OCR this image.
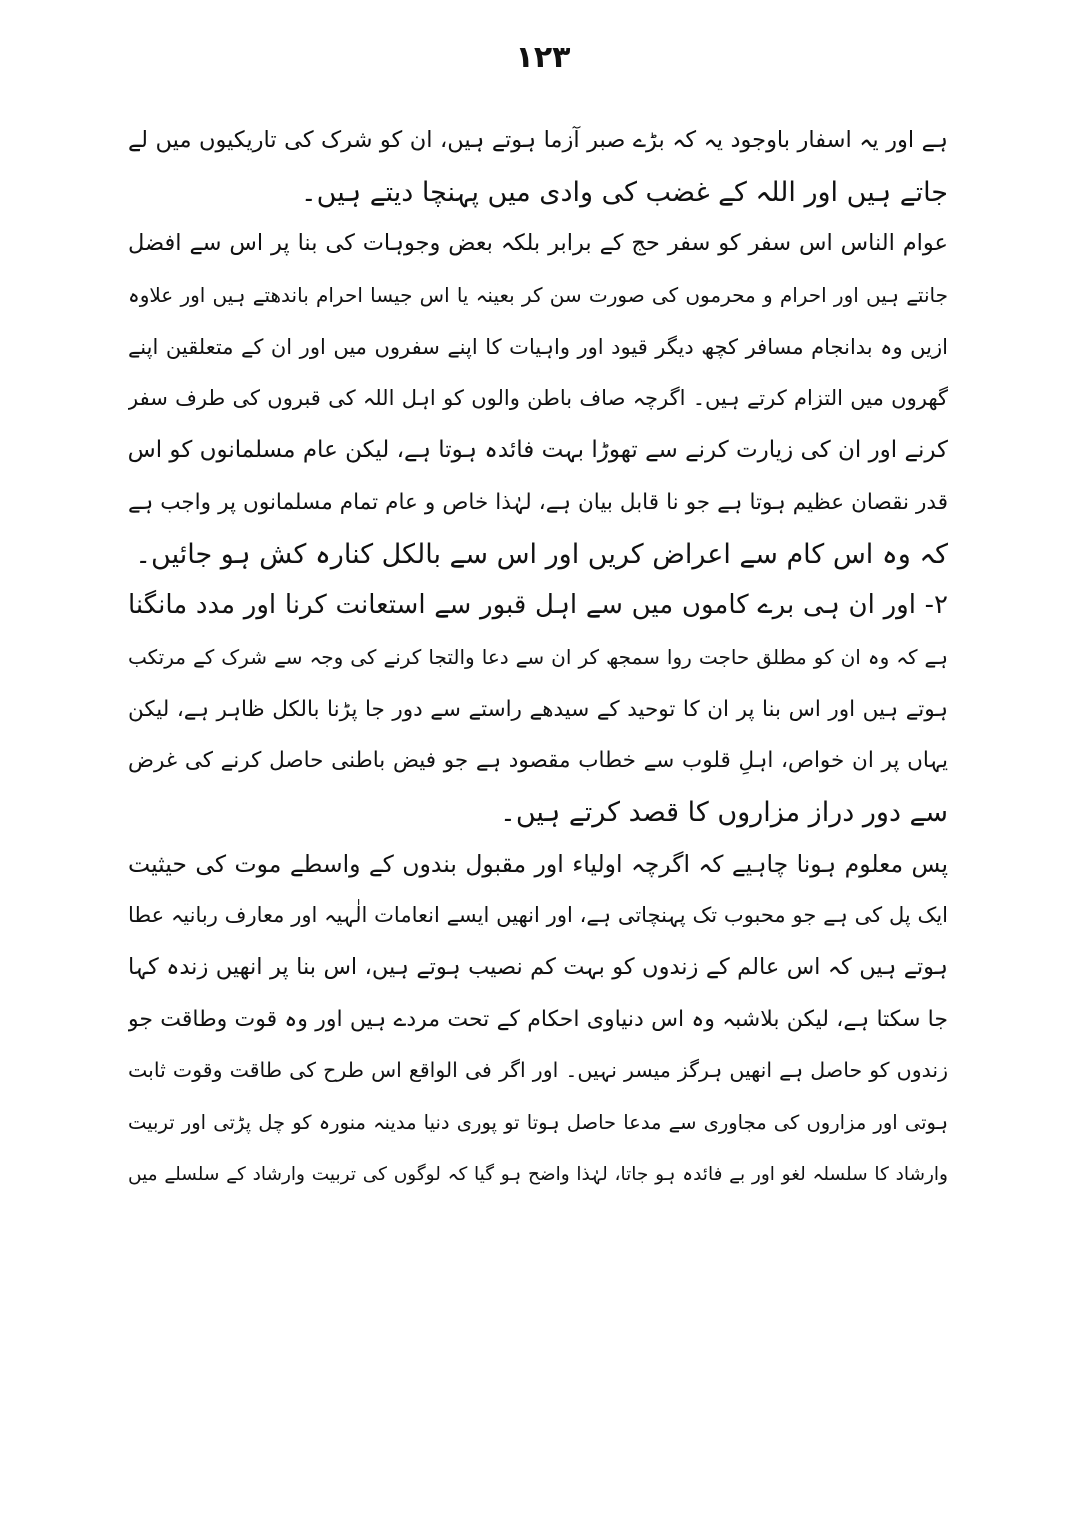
۱۲۳
ہے اور یہ اسفار باوجود یہ کہ بڑے صبر آزما ہوتے ہیں، ان کو شرک کی تاریکیوں میں لے
جاتے ہیں اور اللہ کے غضب کی وادی میں پہنچا دیتے ہیں۔
عوام الناس اس سفر کو سفر حج کے برابر بلکہ بعض وجوہات کی بنا پر اس سے افضل
جانتے ہیں اور احرام و محرموں کی صورت سن کر بعینہ یا اس جیسا احرام باندھتے ہیں اور علاوہ
ازیں وہ بدانجام مسافر کچھ دیگر قیود اور واہیات کا اپنے سفروں میں اور ان کے متعلقین اپنے
گھروں میں التزام کرتے ہیں۔ اگرچہ صاف باطن والوں کو اہل اللہ کی قبروں کی طرف سفر
کرنے اور ان کی زیارت کرنے سے تھوڑا بہت فائدہ ہوتا ہے، لیکن عام مسلمانوں کو اس
قدر نقصان عظیم ہوتا ہے جو نا قابل بیان ہے، لہٰذا خاص و عام تمام مسلمانوں پر واجب ہے
کہ وہ اس کام سے اعراض کریں اور اس سے بالکل کنارہ کش ہو جائیں۔
۲- اور ان ہی برے کاموں میں سے اہل قبور سے استعانت کرنا اور مدد مانگنا
ہے کہ وہ ان کو مطلق حاجت روا سمجھ کر ان سے دعا والتجا کرنے کی وجہ سے شرک کے مرتکب
ہوتے ہیں اور اس بنا پر ان کا توحید کے سیدھے راستے سے دور جا پڑنا بالکل ظاہر ہے، لیکن
یہاں پر ان خواص، اہلِ قلوب سے خطاب مقصود ہے جو فیض باطنی حاصل کرنے کی غرض
سے دور دراز مزاروں کا قصد کرتے ہیں۔
پس معلوم ہونا چاہیے کہ اگرچہ اولیاء اور مقبول بندوں کے واسطے موت کی حیثیت
ایک پل کی ہے جو محبوب تک پہنچاتی ہے، اور انھیں ایسے انعامات الٰہیہ اور معارف ربانیہ عطا
ہوتے ہیں کہ اس عالم کے زندوں کو بہت کم نصیب ہوتے ہیں، اس بنا پر انھیں زندہ کہا
جا سکتا ہے، لیکن بلاشبہ وہ اس دنیاوی احکام کے تحت مردے ہیں اور وہ قوت وطاقت جو
زندوں کو حاصل ہے انھیں ہرگز میسر نہیں۔ اور اگر فی الواقع اس طرح کی طاقت وقوت ثابت
ہوتی اور مزاروں کی مجاوری سے مدعا حاصل ہوتا تو پوری دنیا مدینہ منورہ کو چل پڑتی اور تربیت
وارشاد کا سلسلہ لغو اور بے فائدہ ہو جاتا، لہٰذا واضح ہو گیا کہ لوگوں کی تربیت وارشاد کے سلسلے میں
